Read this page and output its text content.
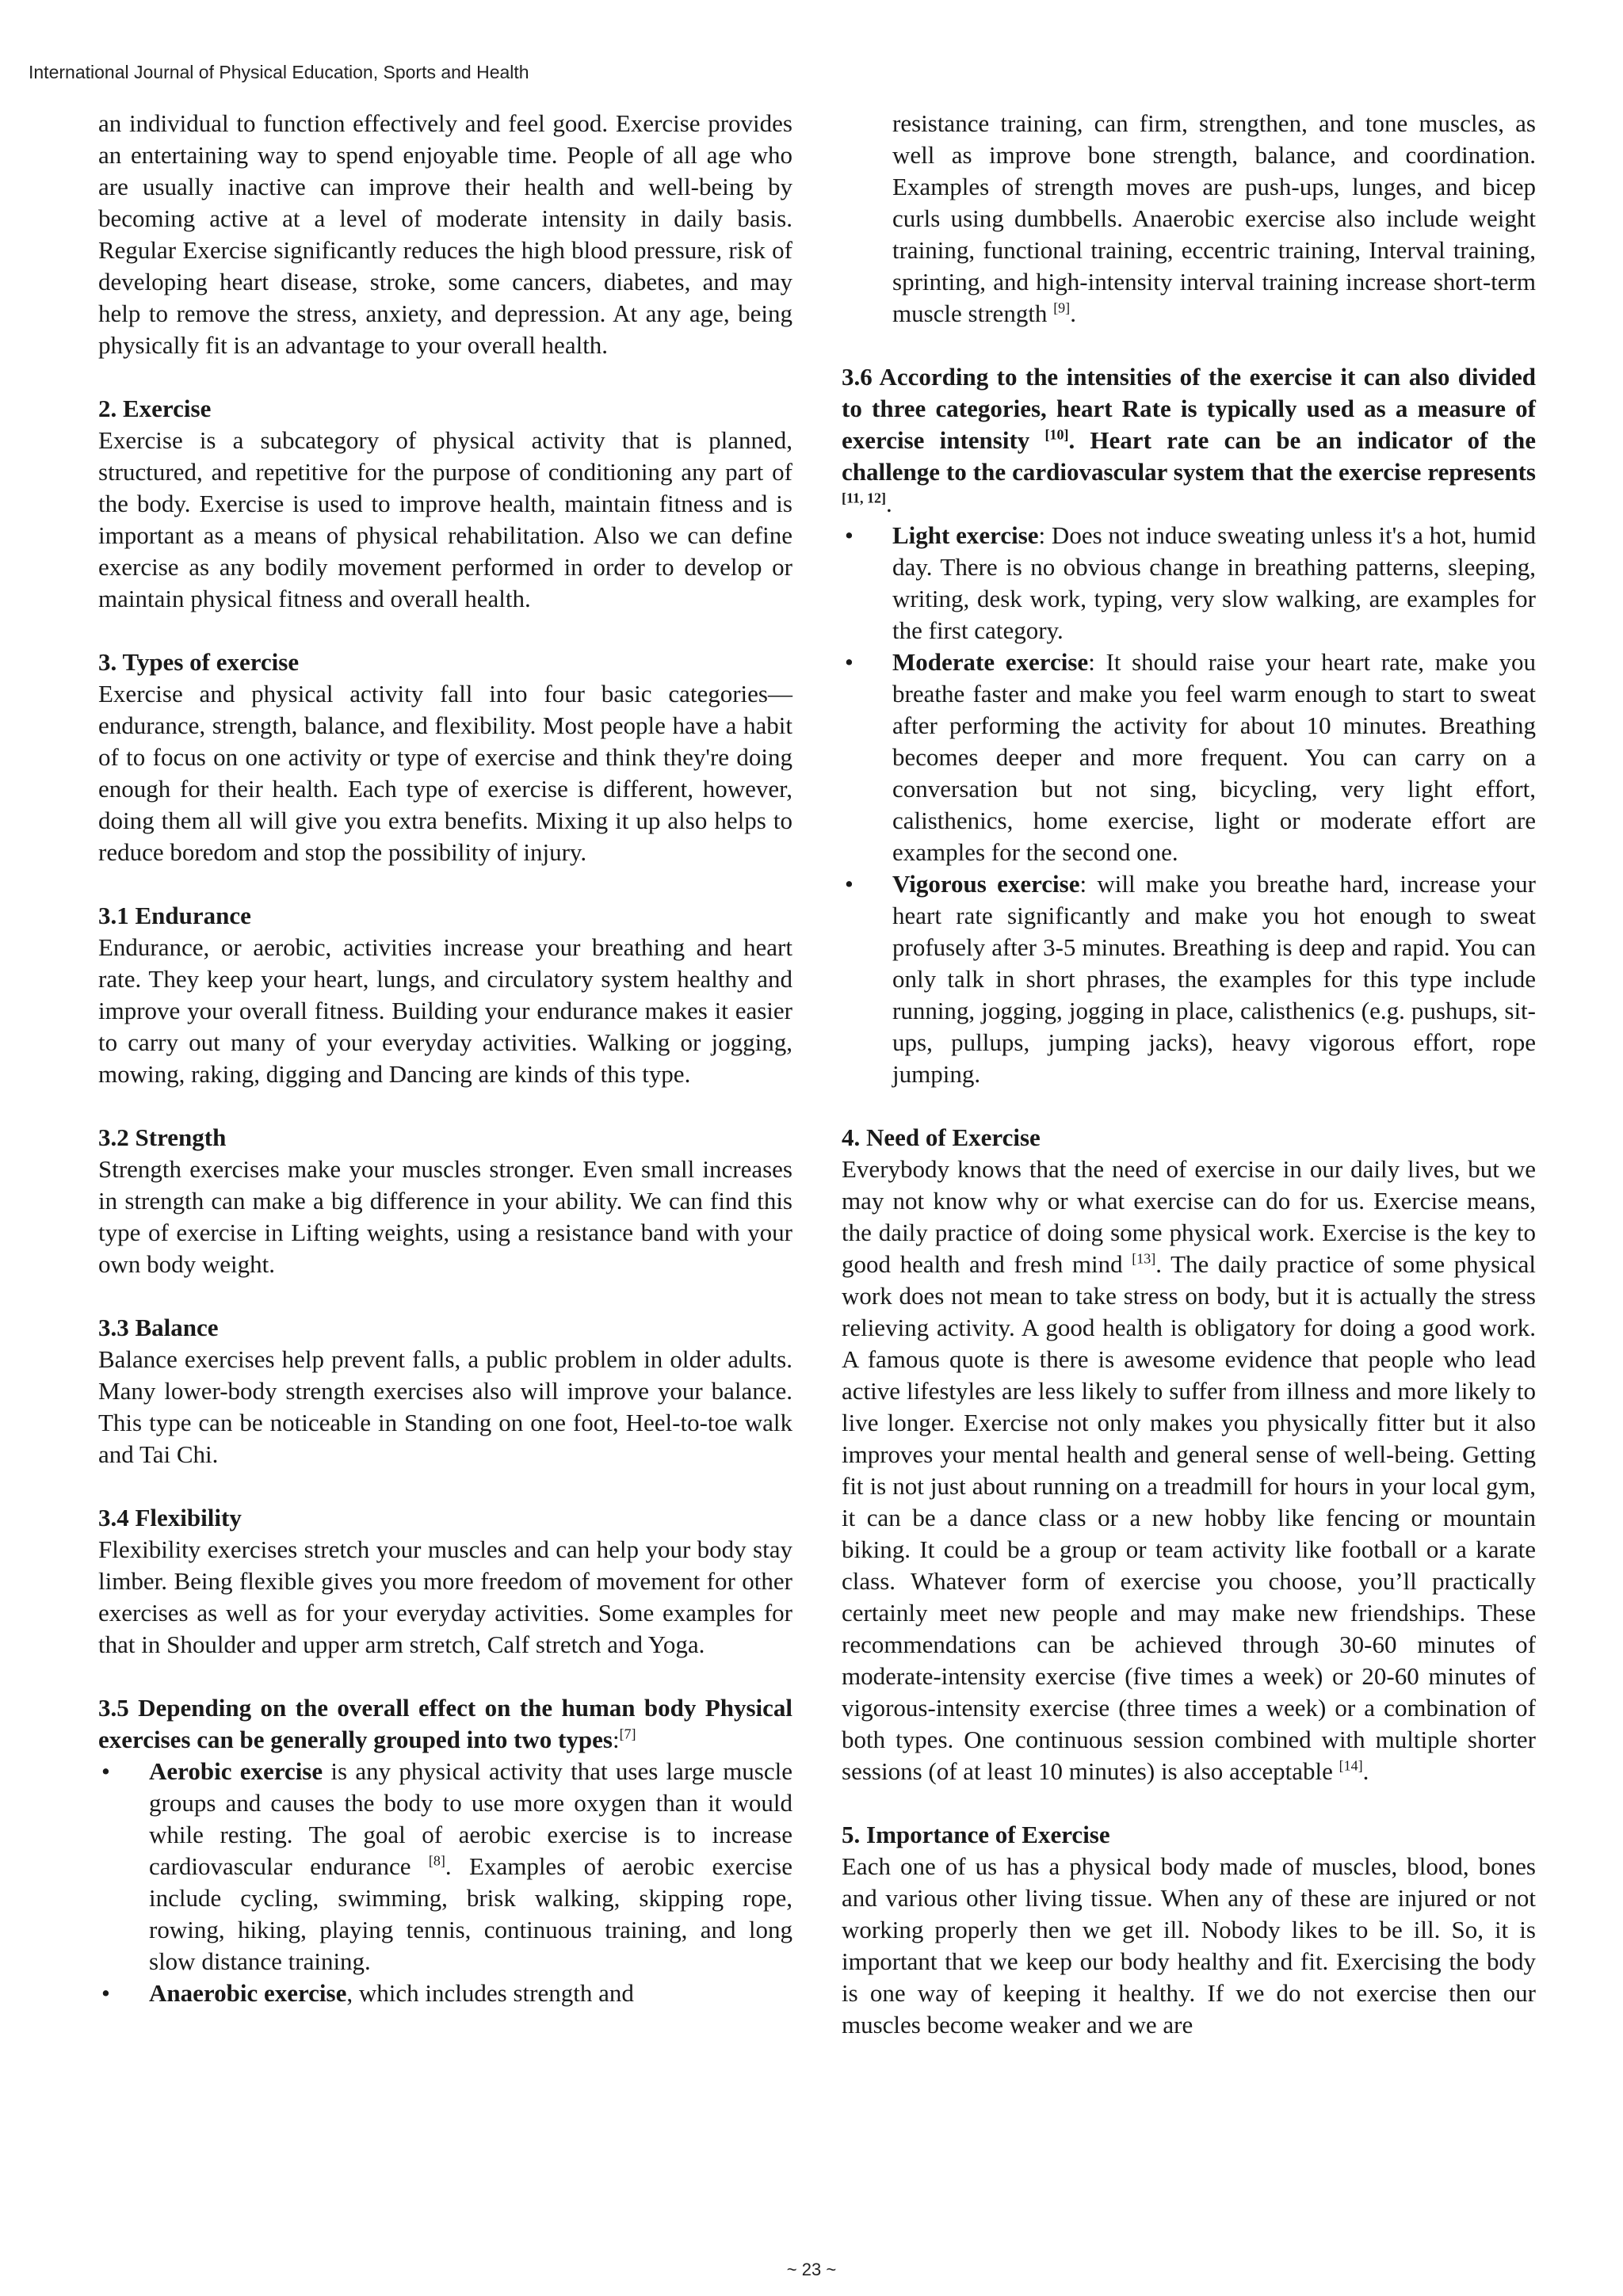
International Journal of Physical Education, Sports and Health

an individual to function effectively and feel good. Exercise provides an entertaining way to spend enjoyable time. People of all age who are usually inactive can improve their health and well-being by becoming active at a level of moderate intensity in daily basis. Regular Exercise significantly reduces the high blood pressure, risk of developing heart disease, stroke, some cancers, diabetes, and may help to remove the stress, anxiety, and depression. At any age, being physically fit is an advantage to your overall health.

2. Exercise

Exercise is a subcategory of physical activity that is planned, structured, and repetitive for the purpose of conditioning any part of the body. Exercise is used to improve health, maintain fitness and is important as a means of physical rehabilitation. Also we can define exercise as any bodily movement performed in order to develop or maintain physical fitness and overall health.

3. Types of exercise

Exercise and physical activity fall into four basic categories—endurance, strength, balance, and flexibility. Most people have a habit of to focus on one activity or type of exercise and think they're doing enough for their health. Each type of exercise is different, however, doing them all will give you extra benefits. Mixing it up also helps to reduce boredom and stop the possibility of injury.

3.1 Endurance

Endurance, or aerobic, activities increase your breathing and heart rate. They keep your heart, lungs, and circulatory system healthy and improve your overall fitness. Building your endurance makes it easier to carry out many of your everyday activities. Walking or jogging, mowing, raking, digging and Dancing are kinds of this type.

3.2 Strength

Strength exercises make your muscles stronger. Even small increases in strength can make a big difference in your ability. We can find this type of exercise in Lifting weights, using a resistance band with your own body weight.

3.3 Balance

Balance exercises help prevent falls, a public problem in older adults. Many lower-body strength exercises also will improve your balance. This type can be noticeable in Standing on one foot, Heel-to-toe walk and Tai Chi.

3.4 Flexibility

Flexibility exercises stretch your muscles and can help your body stay limber. Being flexible gives you more freedom of movement for other exercises as well as for your everyday activities. Some examples for that in Shoulder and upper arm stretch, Calf stretch and Yoga.

3.5 Depending on the overall effect on the human body Physical exercises can be generally grouped into two types:[7]

• Aerobic exercise is any physical activity that uses large muscle groups and causes the body to use more oxygen than it would while resting. The goal of aerobic exercise is to increase cardiovascular endurance [8]. Examples of aerobic exercise include cycling, swimming, brisk walking, skipping rope, rowing, hiking, playing tennis, continuous training, and long slow distance training.
• Anaerobic exercise, which includes strength and

resistance training, can firm, strengthen, and tone muscles, as well as improve bone strength, balance, and coordination. Examples of strength moves are push-ups, lunges, and bicep curls using dumbbells. Anaerobic exercise also include weight training, functional training, eccentric training, Interval training, sprinting, and high-intensity interval training increase short-term muscle strength [9].

3.6 According to the intensities of the exercise it can also divided to three categories, heart Rate is typically used as a measure of exercise intensity [10]. Heart rate can be an indicator of the challenge to the cardiovascular system that the exercise represents [11, 12].

• Light exercise: Does not induce sweating unless it's a hot, humid day. There is no obvious change in breathing patterns, sleeping, writing, desk work, typing, very slow walking, are examples for the first category.
• Moderate exercise: It should raise your heart rate, make you breathe faster and make you feel warm enough to start to sweat after performing the activity for about 10 minutes. Breathing becomes deeper and more frequent. You can carry on a conversation but not sing, bicycling, very light effort, calisthenics, home exercise, light or moderate effort are examples for the second one.
• Vigorous exercise: will make you breathe hard, increase your heart rate significantly and make you hot enough to sweat profusely after 3-5 minutes. Breathing is deep and rapid. You can only talk in short phrases, the examples for this type include running, jogging, jogging in place, calisthenics (e.g. pushups, sit-ups, pullups, jumping jacks), heavy vigorous effort, rope jumping.
4. Need of Exercise

Everybody knows that the need of exercise in our daily lives, but we may not know why or what exercise can do for us. Exercise means, the daily practice of doing some physical work. Exercise is the key to good health and fresh mind [13]. The daily practice of some physical work does not mean to take stress on body, but it is actually the stress relieving activity. A good health is obligatory for doing a good work. A famous quote is there is awesome evidence that people who lead active lifestyles are less likely to suffer from illness and more likely to live longer. Exercise not only makes you physically fitter but it also improves your mental health and general sense of well-being. Getting fit is not just about running on a treadmill for hours in your local gym, it can be a dance class or a new hobby like fencing or mountain biking. It could be a group or team activity like football or a karate class. Whatever form of exercise you choose, you’ll practically certainly meet new people and may make new friendships. These recommendations can be achieved through 30-60 minutes of moderate-intensity exercise (five times a week) or 20-60 minutes of vigorous-intensity exercise (three times a week) or a combination of both types. One continuous session combined with multiple shorter sessions (of at least 10 minutes) is also acceptable [14].

5. Importance of Exercise

Each one of us has a physical body made of muscles, blood, bones and various other living tissue. When any of these are injured or not working properly then we get ill. Nobody likes to be ill. So, it is important that we keep our body healthy and fit. Exercising the body is one way of keeping it healthy. If we do not exercise then our muscles become weaker and we are

~ 23 ~
